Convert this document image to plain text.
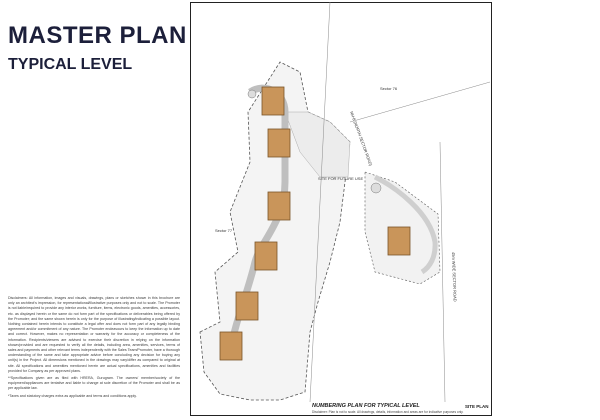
MASTER PLAN
TYPICAL LEVEL

Disclaimers: All information, images and visuals, drawings, plans or sketches shown in this brochure are only an architect's impression, for representational/illustrative purposes only and not to scale. The Promoter is not liable/required to provide any interior works, furniture, items, electronic goods, amenities, accessories, etc. as displayed herein or the same do not form part of the specifications or deliverables being offered by the Promoter; and the same shown herein is only for the purpose of illustrating/indicating a possible layout. Nothing contained herein intends to constitute a legal offer and does not form part of any legally binding agreement and/or commitment of any nature. The Promoter endeavours to keep the information up to date and correct. However, makes no representation or warranty for the accuracy or completeness of the information. Recipients/viewers are advised to exercise their discretion in relying on the information shown/provided and are requested to verify all the details, including area, amenities, services, terms of sales and payments and other relevant terms independently with the Sales Team/Promoter, have a thorough understanding of the same and take appropriate advice before concluding any decision for buying any unit(s) in the Project. All dimensions mentioned in the drawings may vary/differ as compared to original at site. All specifications and amenities mentioned herein are actual specifications, amenities and facilities provided for Company as per approved plans.

**Specifications given are as filed with HRERA, Gurugram. The owners/ member/society of the equipment/appliances are tentative and liable to change at sole discretion of the Promoter and shall be as per applicable law.

*Taxes and statutory charges extra as applicable and terms and conditions apply.

Sector 76
Sector 77
SITE FOR FUTURE USE
NH-8 (NORTH SECTOR ROAD)
45m WIDE SECTOR ROAD
NUMBERING PLAN FOR TYPICAL LEVEL
Disclaimer: Plan is not to scale. All drawings, details, information and areas are for indicative purposes only.
SITE PLAN
